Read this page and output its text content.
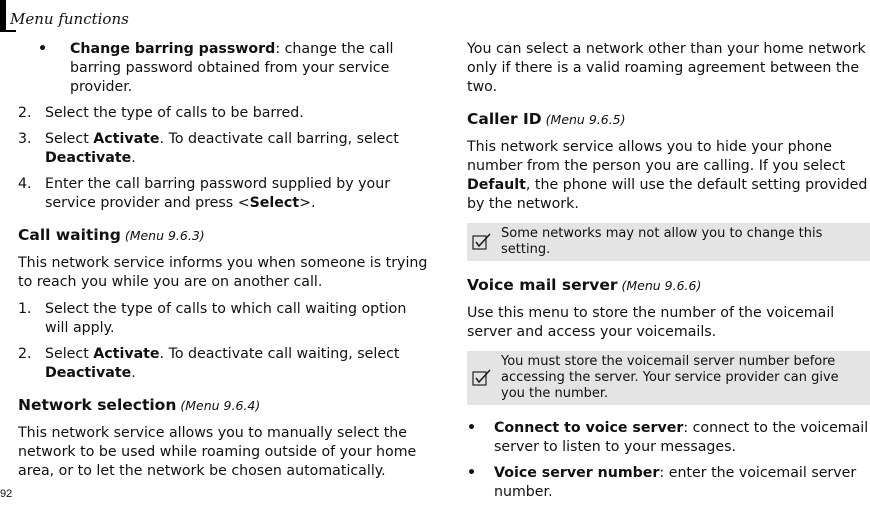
Menu functions
• Change barring password: change the call barring password obtained from your service provider.
2. Select the type of calls to be barred.
3. Select Activate. To deactivate call barring, select Deactivate.
4. Enter the call barring password supplied by your service provider and press <Select>.
Call waiting (Menu 9.6.3)

This network service informs you when someone is trying to reach you while you are on another call.

1. Select the type of calls to which call waiting option will apply.
2. Select Activate. To deactivate call waiting, select Deactivate.
Network selection (Menu 9.6.4)

This network service allows you to manually select the network to be used while roaming outside of your home area, or to let the network be chosen automatically.

You can select a network other than your home network only if there is a valid roaming agreement between the two.

Caller ID (Menu 9.6.5)

This network service allows you to hide your phone number from the person you are calling. If you select Default, the phone will use the default setting provided by the network.

Some networks may not allow you to change this setting.
Voice mail server (Menu 9.6.6)

Use this menu to store the number of the voicemail server and access your voicemails.

You must store the voicemail server number before accessing the server. Your service provider can give you the number.
• Connect to voice server: connect to the voicemail server to listen to your messages.
• Voice server number: enter the voicemail server number.
92
